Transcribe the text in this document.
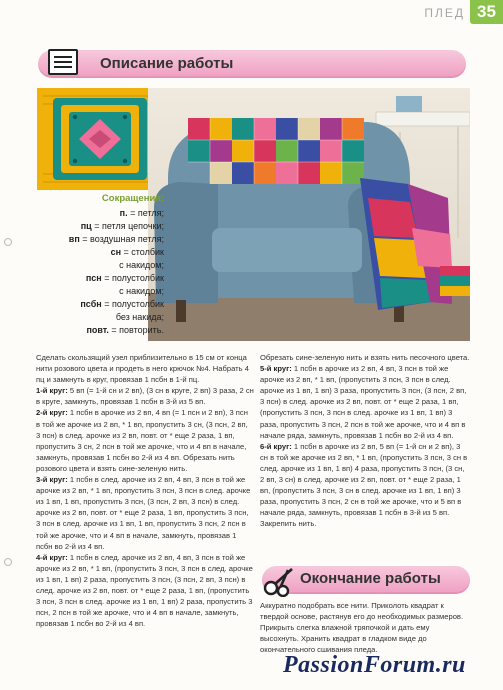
ПЛЕД 35
Описание работы
Сокращения:
п. = петля;
пц = петля цепочки;
вп = воздушная петля;
сн = столбик
с накидом;
псн = полустолбик
с накидом;
псбн = полустолбик
без накида;
повт. = повторить.

Сделать скользящий узел приблизительно в 15 см от конца нити розового цвета и продеть в него крючок №4. Набрать 4 пц и замкнуть в круг, провязав 1 псбн в 1-й пц.

1-й круг: 5 вп (= 1-й сн и 2 вп), (3 сн в круге, 2 вп) 3 раза, 2 сн в круге, замкнуть, провязав 1 псбн в 3-й из 5 вп.

2-й круг: 1 псбн в арочке из 2 вп, 4 вп (= 1 псн и 2 вп), 3 псн в той же арочке из 2 вп, * 1 вп, пропустить 3 сн, (3 псн, 2 вп, 3 псн) в след. арочке из 2 вп, повт. от * еще 2 раза, 1 вп, пропустить 3 сн, 2 псн в той же арочке, что и 4 вп в начале, замкнуть, провязав 1 псбн во 2-й из 4 вп. Обрезать нить розового цвета и взять сине-зеленую нить.

3-й круг: 1 псбн в след. арочке из 2 вп, 4 вп, 3 псн в той же арочке из 2 вп, * 1 вп, пропустить 3 псн, 3 псн в след. арочке из 1 вп, 1 вп, пропустить 3 псн, (3 псн, 2 вп, 3 псн) в след. арочке из 2 вп, повт. от * еще 2 раза, 1 вп, пропустить 3 псн, 3 псн в след. арочке из 1 вп, 1 вп, пропустить 3 псн, 2 псн в той же арочке, что и 4 вп в начале, замкнуть, провязав 1 псбн во 2-й из 4 вп.

4-й круг: 1 псбн в след. арочке из 2 вп, 4 вп, 3 псн в той же арочке из 2 вп, * 1 вп, (пропустить 3 псн, 3 псн в след. арочке из 1 вп, 1 вп) 2 раза, пропустить 3 псн, (3 псн, 2 вп, 3 псн) в след. арочке из 2 вп, повт. от * еще 2 раза, 1 вп, (пропустить 3 псн, 3 псн в след. арочке из 1 вп, 1 вп) 2 раза, пропустить 3 псн, 2 псн в той же арочке, что и 4 вп в начале, замкнуть, провязав 1 псбн во 2-й из 4 вп.

Обрезать сине-зеленую нить и взять нить песочного цвета.

5-й круг: 1 псбн в арочке из 2 вп, 4 вп, 3 псн в той же арочке из 2 вп, * 1 вп, (пропустить 3 псн, 3 псн в след. арочке из 1 вп, 1 вп) 3 раза, пропустить 3 псн, (3 псн, 2 вп, 3 псн) в след. арочке из 2 вп, повт. от * еще 2 раза, 1 вп, (пропустить 3 псн, 3 псн в след. арочке из 1 вп, 1 вп) 3 раза, пропустить 3 псн, 2 псн в той же арочке, что и 4 вп в начале ряда, замкнуть, провязав 1 псбн во 2-й из 4 вп.

6-й круг: 1 псбн в арочке из 2 вп, 5 вп (= 1-й сн и 2 вп), 3 сн в той же арочке из 2 вп, * 1 вп, (пропустить 3 псн, 3 сн в след. арочке из 1 вп, 1 вп) 4 раза, пропустить 3 псн, (3 сн, 2 вп, 3 сн) в след. арочке из 2 вп, повт. от * еще 2 раза, 1 вп, (пропустить 3 псн, 3 сн в след. арочке из 1 вп, 1 вп) 3 раза, пропустить 3 псн, 2 сн в той же арочке, что и 5 вп в начале ряда, замкнуть, провязав 1 псбн в 3-й из 5 вп. Закрепить нить.

Окончание работы
Аккуратно подобрать все нити. Приколоть квадрат к твердой основе, растянув его до необходимых размеров. Прикрыть слегка влажной тряпочкой и дать ему высохнуть. Хранить квадрат в гладком виде до окончательного сшивания пледа.
PassionForum.ru
